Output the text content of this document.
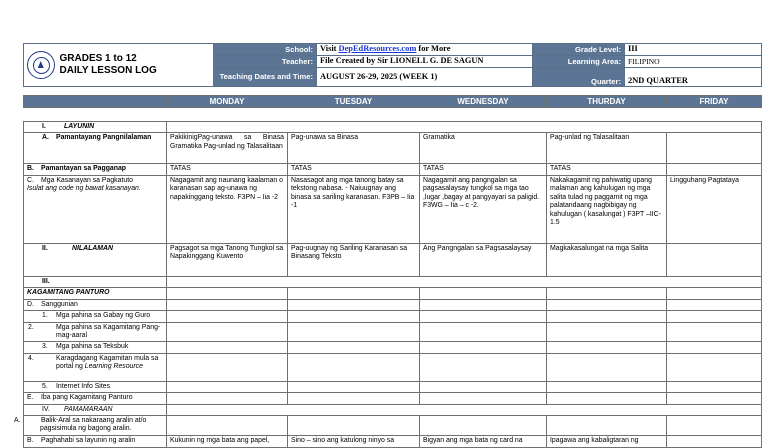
	GRADES 1 to 12
DAILY LESSON LOG	School:	Visit DepEdResources.com for More	Grade Level:	III
		Teacher:	File Created by Sir LIONELL G. DE SAGUN	Learning Area:	FILIPINO
		Teaching Dates and Time:	AUGUST 26-29, 2025 (WEEK 1)	Quarter:	2ND QUARTER
	MONDAY	TUESDAY	WEDNESDAY	THURDAY	FRIDAY

I. LAYUNIN					
A. Pamantayang Pangnilalaman	PakikinigPag-unawa sa Binasa Gramatika Pag-unlad ng Talasalitaan	Pag-unawa sa Binasa	Gramatika	Pag-unlad ng Talasalitaan	
B. Pamantayan sa Pagganap	TATAS	TATAS	TATAS	TATAS	

C. Mga Kasanayan sa Pagkatuto
Isulat ang code ng bawat kasanayan.	Nagagamit ang naunang kaalaman o karanasan sap ag-unawa ng napakinggang teksto. F3PN – Iia -2	Nasasagot ang mga tanong batay sa tekstong nabasa. - Naiuugnay ang binasa sa sariling karanasan. F3PB – Iia -1	Nagagamit ang pangngalan sa pagsasalaysay tungkol sa mga tao ,lugar ,bagay at pangyayari sa paligid. F3WG – Iia – c -2.	Nakakagamit ng pahiwatig upang malaman ang kahulugan ng mga salita tulad ng paggamit ng mga palatandaang nagbibigay ng kahulugan ( kasalungat ) F3PT –IIC-1.5	Lingguhang Pagtataya
II. NILALAMAN	Pagsagot sa mga Tanong Tungkol sa Napakinggang Kuwento	Pag-uugnay ng Sariling Karanasan sa Binasang Teksto	Ang Pangngalan sa Pagsasalaysay	Magkakasalungat na mga Salita	
III.					
KAGAMITANG PANTURO					
D. Sanggunian					
1. Mga pahina sa Gabay ng Guro					
2. Mga pahina sa Kagamitang Pang-mag-aaral					
3. Mga pahina sa Teksbuk					
4. Karagdagang Kagamitan mula sa portal ng Learning Resource					
5. Internet Info Sites					
E. Iba pang Kagamitang Panturo					
IV. PAMAMARAAN					
A. Balik-Aral sa nakaraang aralin at/o pagsisimula ng bagong aralin.					
B. Paghahabi sa layunin ng aralin	Kukunin ng mga bata ang papel,	Sino – sino ang katulong ninyo sa	Bigyan ang mga bata ng card na	Ipagawa ang kabaligtaran ng	
